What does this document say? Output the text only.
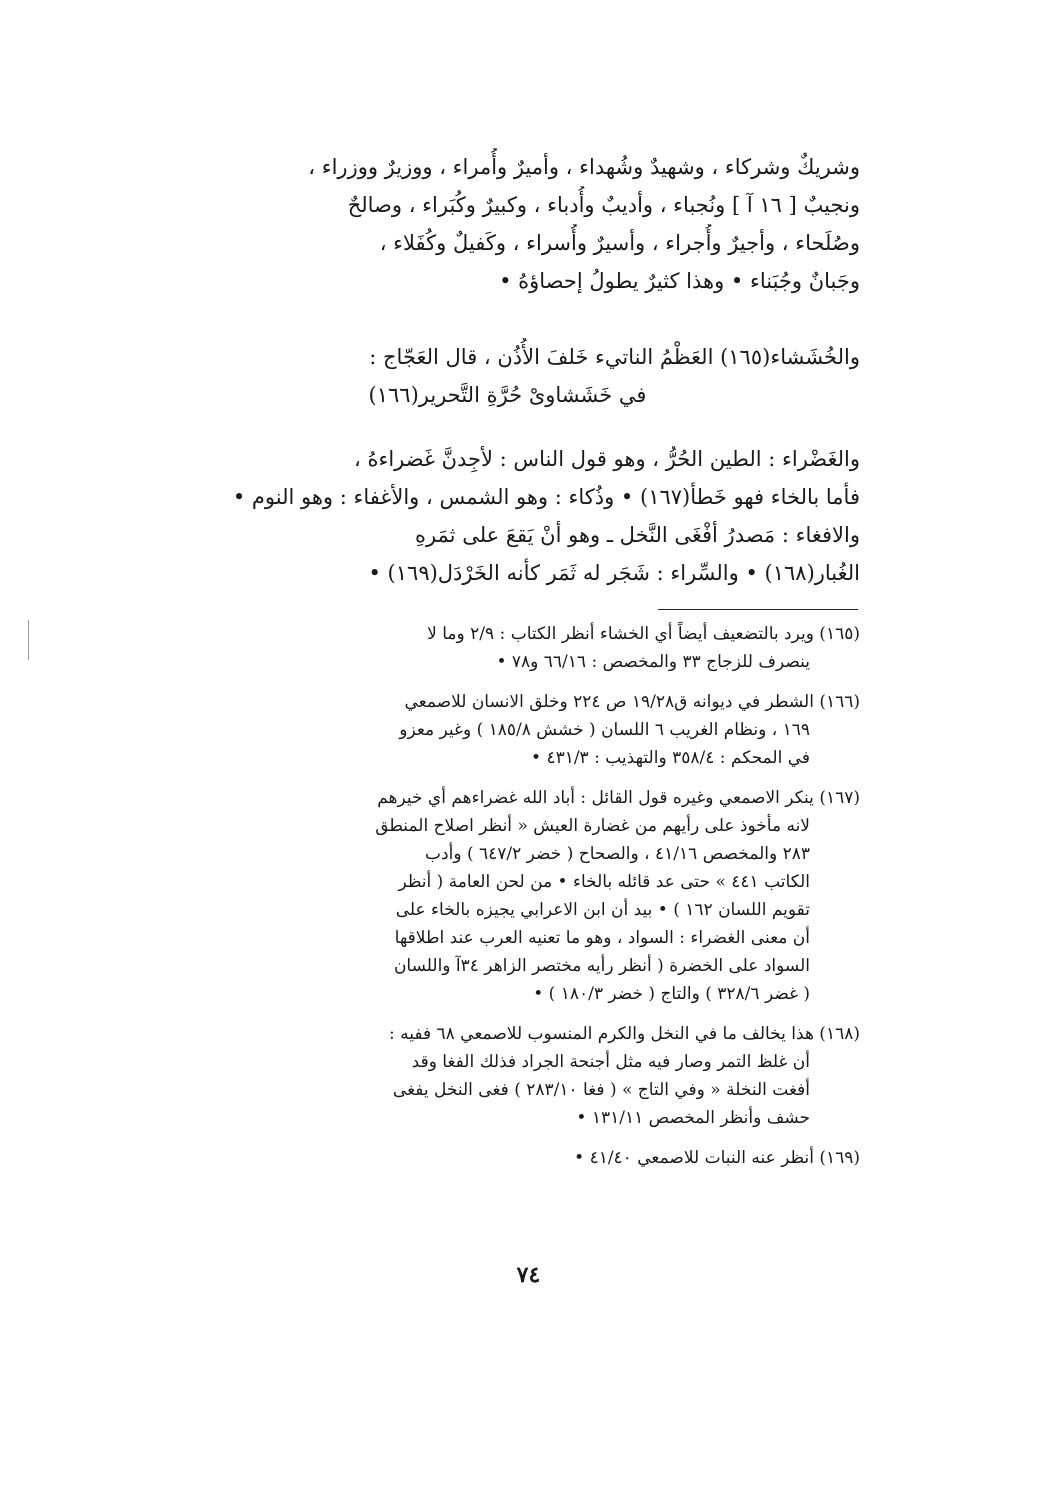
وشريكٌ وشركاء ، وشهيدٌ وشُهداء ، وأميرٌ وأُمراء ، ووزيرٌ ووزراء ،
ونجيبٌ [ ١٦ آ ] ونُجباء ، وأديبٌ وأُدباء ، وكبيرٌ وكُبَراء ، وصالحٌ
وصُلَحاء ، وأجيرٌ وأُجراء ، وأسيرٌ وأُسراء ، وكَفيلٌ وكُفَلاء ،
وجَبانٌ وجُبَناء • وهذا كثيرٌ يطولُ إحصاؤهُ •
والخُشَشاء(١٦٥) العَظْمُ الناتيء خَلفَ الأُذُن ، قال العَجّاج :
في خَشَشاوىْ حُرَّةِ التَّحرير(١٦٦)
والغَضْراء : الطين الحُرُّ ، وهو قول الناس : لأجِدنَّ غَضراءهُ ،
فأما بالخاء فهو خَطأ(١٦٧) • وذُكاء : وهو الشمس ، والأغفاء : وهو النوم •
والافغاء : مَصدرُ أفْغَى النَّخل ـ وهو أنْ يَقعَ على ثمَرهِ
الغُبار(١٦٨) • والسِّراء : شَجَر له ثَمَر كأنه الخَرْدَل(١٦٩) •
(١٦٥) ويرد بالتضعيف أيضاً أي الخشاء أنظر الكتاب : ٢/٩ وما لا
ينصرف للزجاج ٣٣ والمخصص : ٦٦/١٦ و٧٨ •
(١٦٦) الشطر في ديوانه ق١٩/٢٨ ص ٢٢٤ وخلق الانسان للاصمعي
١٦٩ ، ونظام الغريب ٦ اللسان ( خشش ١٨٥/٨ ) وغير معزو
في المحكم : ٣٥٨/٤ والتهذيب : ٤٣١/٣ •
(١٦٧) ينكر الاصمعي وغيره قول القائل : أباد الله غضراءهم أي خيرهم
لانه مأخوذ على رأيهم من غضارة العيش « أنظر اصلاح المنطق
٢٨٣ والمخصص ٤١/١٦ ، والصحاح ( خضر ٦٤٧/٢ ) وأدب
الكاتب ٤٤١ » حتى عد قائله بالخاء • من لحن العامة ( أنظر
تقويم اللسان ١٦٢ ) • بيد أن ابن الاعرابي يجيزه بالخاء على
أن معنى الغضراء : السواد ، وهو ما تعنيه العرب عند اطلاقها
السواد على الخضرة ( أنظر رأيه مختصر الزاهر ٣٤آ واللسان
( غضر ٣٢٨/٦ ) والتاج ( خضر ١٨٠/٣ ) •
(١٦٨) هذا يخالف ما في النخل والكرم المنسوب للاصمعي ٦٨ ففيه :
أن غلظ التمر وصار فيه مثل أجنحة الجراد فذلك الفغا وقد
أفغت النخلة « وفي التاج » ( فغا ٢٨٣/١٠ ) فغى النخل يفغى
حشف وأنظر المخصص ١٣١/١١ •
(١٦٩) أنظر عنه النبات للاصمعي ٤١/٤٠ •
٧٤
